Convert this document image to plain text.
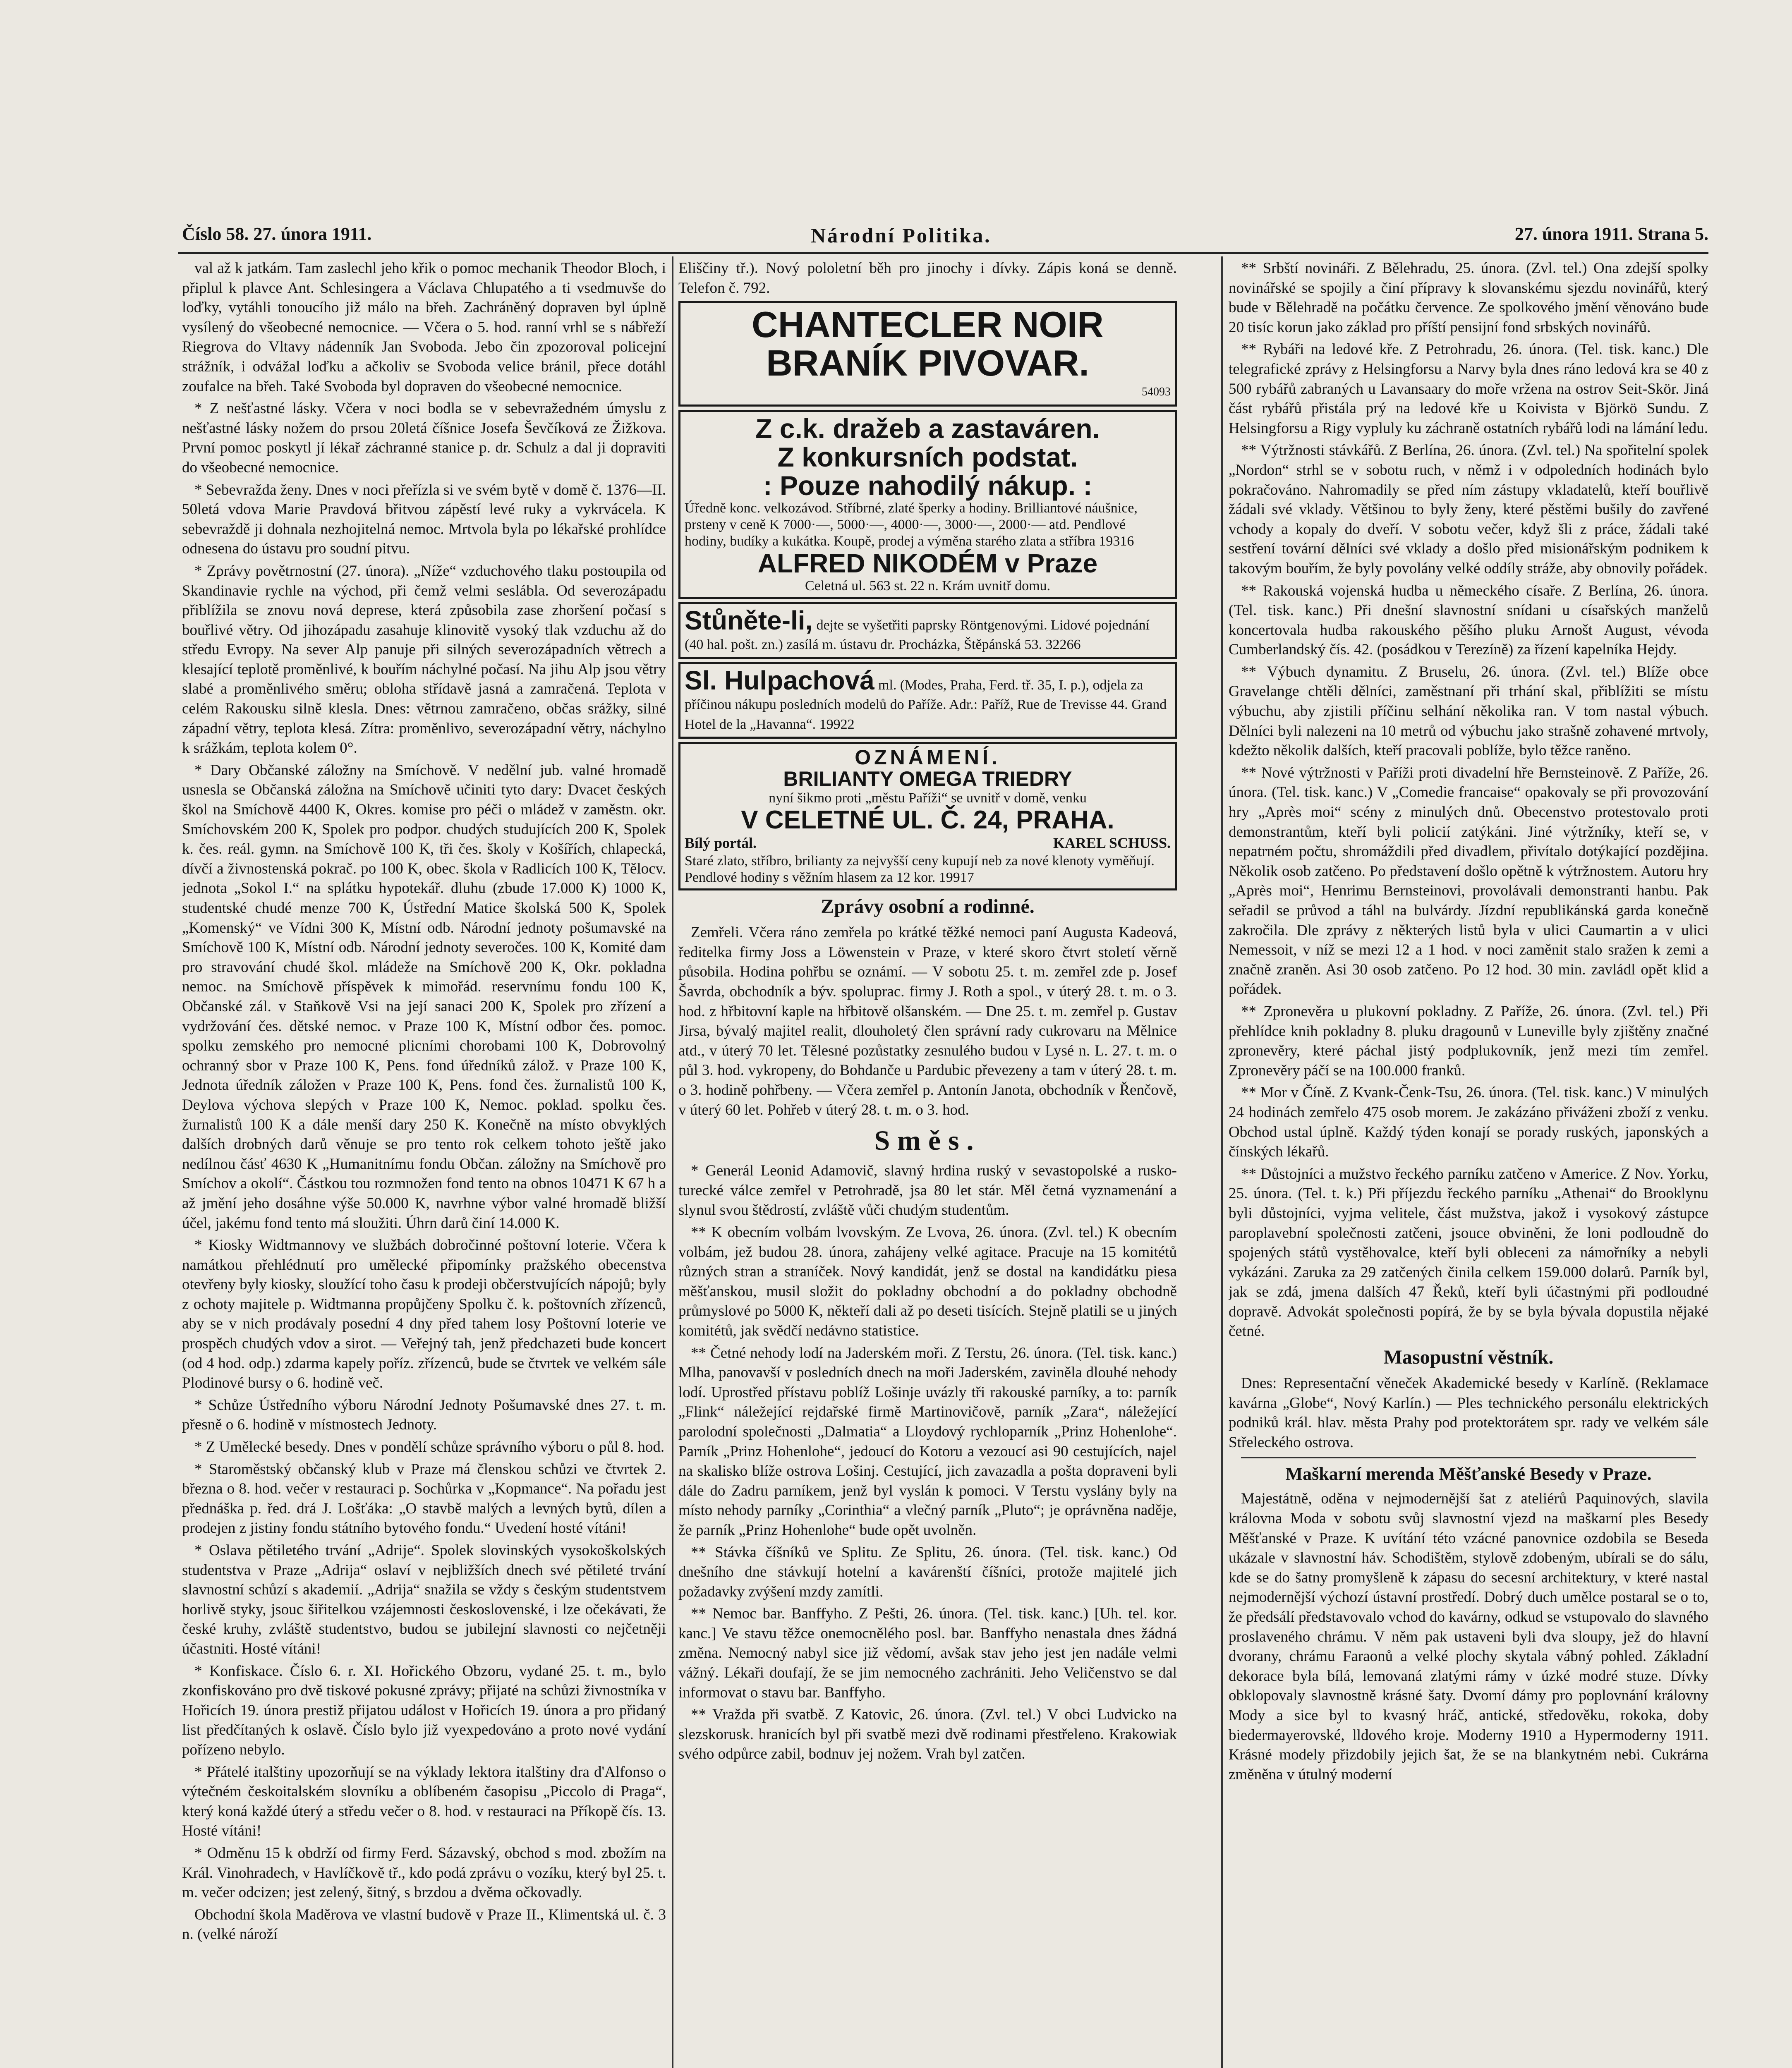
Číslo 58. 27. února 1911.	Národní Politika.	27. února 1911. Strana 5.

val až k jatkám. Tam zaslechl jeho křik o pomoc mechanik Theodor Bloch, i připlul k plavce Ant. Schlesingera a Václava Chlupatého a ti vsedmuvše do loďky, vytáhli tonoucího již málo na břeh. Zachráněný dopraven byl úplně vysílený do všeobecné nemocnice. — Včera o 5. hod. ranní vrhl se s nábřeží Riegrova do Vltavy nádenník Jan Svoboda. Jebo čin zpozoroval policejní strážník, i odvážal loďku a ačkoliv se Svoboda velice bránil, přece dotáhl zoufalce na břeh. Také Svoboda byl dopraven do všeobecné nemocnice.

* Z nešťastné lásky. Včera v noci bodla se v sebevražedném úmyslu z nešťastné lásky nožem do prsou 20letá číšnice Josefa Ševčíková ze Žižkova. První pomoc poskytl jí lékař záchranné stanice p. dr. Schulz a dal ji dopraviti do všeobecné nemocnice.

* Sebevražda ženy. Dnes v noci přeřízla si ve svém bytě v domě č. 1376—II. 50letá vdova Marie Pravdová břitvou zápěstí levé ruky a vykrvácela. K sebevraždě ji dohnala nezhojitelná nemoc. Mrtvola byla po lékařské prohlídce odnesena do ústavu pro soudní pitvu.

* Zprávy povětrnostní (27. února). „Níže“ vzduchového tlaku postoupila od Skandinavie rychle na východ, při čemž velmi seslábla. Od severozápadu přiblížila se znovu nová deprese, která způsobila zase zhoršení počasí s bouřlivé větry. Od jihozápadu zasahuje klinovitě vysoký tlak vzduchu až do středu Evropy. Na sever Alp panuje při silných severozápadních větrech a klesající teplotě proměnlivé, k bouřím náchylné počasí. Na jihu Alp jsou větry slabé a proměnlivého směru; obloha střídavě jasná a zamračená. Teplota v celém Rakousku silně klesla. Dnes: větrnou zamračeno, občas srážky, silné západní větry, teplota klesá. Zítra: proměnlivo, severozápadní větry, náchylno k srážkám, teplota kolem 0°.

* Dary Občanské záložny na Smíchově. V nedělní jub. valné hromadě usnesla se Občanská záložna na Smíchově učiniti tyto dary: Dvacet českých škol na Smíchově 4400 K, Okres. komise pro péči o mládež v zaměstn. okr. Smíchovském 200 K, Spolek pro podpor. chudých studujících 200 K, Spolek k. čes. reál. gymn. na Smíchově 100 K, tři čes. školy v Košířích, chlapecká, dívčí a živnostenská pokrač. po 100 K, obec. škola v Radlicích 100 K, Tělocv. jednota „Sokol I.“ na splátku hypotekář. dluhu (zbude 17.000 K) 1000 K, studentské chudé menze 700 K, Ústřední Matice školská 500 K, Spolek „Komenský“ ve Vídni 300 K, Místní odb. Národní jednoty pošumavské na Smíchově 100 K, Místní odb. Národní jednoty severočes. 100 K, Komité dam pro stravování chudé škol. mládeže na Smíchově 200 K, Okr. pokladna nemoc. na Smíchově příspěvek k mimořád. reservnímu fondu 100 K, Občanské zál. v Staňkově Vsi na její sanaci 200 K, Spolek pro zřízení a vydržování čes. dětské nemoc. v Praze 100 K, Místní odbor čes. pomoc. spolku zemského pro nemocné plicními chorobami 100 K, Dobrovolný ochranný sbor v Praze 100 K, Pens. fond úředníků zálož. v Praze 100 K, Jednota úředník záložen v Praze 100 K, Pens. fond čes. žurnalistů 100 K, Deylova výchova slepých v Praze 100 K, Nemoc. poklad. spolku čes. žurnalistů 100 K a dále menší dary 250 K. Konečně na místo obvyklých dalších drobných darů věnuje se pro tento rok celkem tohoto ještě jako nedílnou čásť 4630 K „Humanitnímu fondu Občan. záložny na Smíchově pro Smíchov a okolí“. Částkou tou rozmnožen fond tento na obnos 10471 K 67 h a až jmění jeho dosáhne výše 50.000 K, navrhne výbor valné hromadě bližší účel, jakému fond tento má sloužiti. Úhrn darů činí 14.000 K.

* Kiosky Widtmannovy ve službách dobročinné poštovní loterie. Včera k namátkou přehlédnutí pro umělecké připomínky pražského obecenstva otevřeny byly kiosky, sloužící toho času k prodeji občerstvujících nápojů; byly z ochoty majitele p. Widtmanna propůjčeny Spolku č. k. poštovních zřízenců, aby se v nich prodávaly posední 4 dny před tahem losy Poštovní loterie ve prospěch chudých vdov a sirot. — Veřejný tah, jenž předchazeti bude koncert (od 4 hod. odp.) zdarma kapely poříz. zřízenců, bude se čtvrtek ve velkém sále Plodinové bursy o 6. hodině več.

* Schůze Ústředního výboru Národní Jednoty Pošumavské dnes 27. t. m. přesně o 6. hodině v místnostech Jednoty.

* Z Umělecké besedy. Dnes v pondělí schůze správního výboru o půl 8. hod.

* Staroměstský občanský klub v Praze má členskou schůzi ve čtvrtek 2. března o 8. hod. večer v restauraci p. Sochůrka v „Kopmance“. Na pořadu jest přednáška p. řed. drá J. Lošťáka: „O stavbě malých a levných bytů, dílen a prodejen z jistiny fondu státního bytového fondu.“ Uvedení hosté vítáni!

* Oslava pětiletého trvání „Adrije“. Spolek slovinských vysokoškolských studentstva v Praze „Adrija“ oslaví v nejbližších dnech své pětileté trvání slavnostní schůzí s akademií. „Adrija“ snažila se vždy s českým studentstvem horlivě styky, jsouc šiřitelkou vzájemnosti československé, i lze očekávati, že české kruhy, zvláště studentstvo, budou se jubilejní slavnosti co nejčetněji účastniti. Hosté vítáni!

* Konfiskace. Číslo 6. r. XI. Hořického Obzoru, vydané 25. t. m., bylo zkonfiskováno pro dvě tiskové pokusné zprávy; přijaté na schůzi živnostníka v Hořicích 19. února prestiž přijatou událost v Hořicích 19. února a pro přidaný list předčítaných k oslavě. Číslo bylo již vyexpedováno a proto nové vydání pořízeno nebylo.

* Přátelé italštiny upozorňují se na výklady lektora italštiny dra d'Alfonso o výtečném českoitalském slovníku a oblíbeném časopisu „Piccolo di Praga“, který koná každé úterý a středu večer o 8. hod. v restauraci na Příkopě čís. 13. Hosté vítáni!

* Odměnu 15 k obdrží od firmy Ferd. Sázavský, obchod s mod. zbožím na Král. Vinohradech, v Havlíčkově tř., kdo podá zprávu o vozíku, který byl 25. t. m. večer odcizen; jest zelený, šitný, s brzdou a dvěma očkovadly.

Obchodní škola Maděrova ve vlastní budově v Praze II., Klimentská ul. č. 3 n. (velké nároží

Eliščiny tř.). Nový pololetní běh pro jinochy i dívky. Zápis koná se denně. Telefon č. 792.

CHANTECLER NOIR
BRANÍK PIVOVAR.
54093
Z c.k. dražeb a zastaváren.
Z konkursních podstat.
: Pouze nahodilý nákup. :
Úředně konc. velkozávod. Stříbrné, zlaté šperky a hodiny. Brilliantové náušnice, prsteny v ceně K 7000·—, 5000·—, 4000·—, 3000·—, 2000·— atd. Pendlové hodiny, budíky a kukátka. Koupě, prodej a výměna starého zlata a stříbra 19316
ALFRED NIKODÉM v Praze
Celetná ul. 563 st. 22 n. Krám uvnitř domu.
Stůněte-li, dejte se vyšetřiti paprsky Röntgenovými. Lidové pojednání (40 hal. pošt. zn.) zasílá m. ústavu dr. Procházka, Štěpánská 53. 32266
Sl. Hulpachová ml. (Modes, Praha, Ferd. tř. 35, I. p.), odjela za příčinou nákupu posledních modelů do Paříže. Adr.: Paříž, Rue de Trevisse 44. Grand Hotel de la „Havanna“. 19922
OZNÁMENÍ.
BRILIANTY OMEGA TRIEDRY
nyní šikmo proti „městu Paříži“ se uvnitř v domě, venku
V CELETNÉ UL. Č. 24, PRAHA.
Bílý portál.	KAREL SCHUSS.
Staré zlato, stříbro, brilianty za nejvyšší ceny kupují neb za nové klenoty vyměňují. Pendlové hodiny s věžním hlasem za 12 kor. 19917
Zprávy osobní a rodinné.

Zemřeli. Včera ráno zemřela po krátké těžké nemoci paní Augusta Kadeová, ředitelka firmy Joss a Löwenstein v Praze, v které skoro čtvrt století věrně působila. Hodina pohřbu se oznámí. — V sobotu 25. t. m. zemřel zde p. Josef Šavrda, obchodník a býv. spoluprac. firmy J. Roth a spol., v úterý 28. t. m. o 3. hod. z hřbitovní kaple na hřbitově olšanském. — Dne 25. t. m. zemřel p. Gustav Jirsa, bývalý majitel realit, dlouholetý člen správní rady cukrovaru na Mělnice atd., v úterý 70 let. Tělesné pozůstatky zesnulého budou v Lysé n. L. 27. t. m. o půl 3. hod. vykropeny, do Bohdanče u Pardubic převezeny a tam v úterý 28. t. m. o 3. hodině pohřbeny. — Včera zemřel p. Antonín Janota, obchodník v Řenčově, v úterý 60 let. Pohřeb v úterý 28. t. m. o 3. hod.

Směs.

* Generál Leonid Adamovič, slavný hrdina ruský v sevastopolské a rusko-turecké válce zemřel v Petrohradě, jsa 80 let stár. Měl četná vyznamenání a slynul svou štědrostí, zvláště vůči chudým studentům.

** K obecním volbám lvovským. Ze Lvova, 26. února. (Zvl. tel.) K obecním volbám, jež budou 28. února, zahájeny velké agitace. Pracuje na 15 komitétů různých stran a straníček. Nový kandidát, jenž se dostal na kandidátku piesa měšťanskou, musil složit do pokladny obchodní a do pokladny obchodně průmyslové po 5000 K, někteří dali až po deseti tisících. Stejně platili se u jiných komitétů, jak svědčí nedávno statistice.

** Četné nehody lodí na Jaderském moři. Z Terstu, 26. února. (Tel. tisk. kanc.) Mlha, panovavší v posledních dnech na moři Jaderském, zaviněla dlouhé nehody lodí. Uprostřed přístavu poblíž Lošinje uvázly tři rakouské parníky, a to: parník „Flink“ náležející rejdařské firmě Martinovičově, parník „Zara“, náležející parolodní společnosti „Dalmatia“ a Lloydový rychloparník „Prinz Hohenlohe“. Parník „Prinz Hohenlohe“, jedoucí do Kotoru a vezoucí asi 90 cestujících, najel na skalisko blíže ostrova Lošinj. Cestující, jich zavazadla a pošta dopraveni byli dále do Zadru parníkem, jenž byl vyslán k pomoci. V Terstu vyslány byly na místo nehody parníky „Corinthia“ a vlečný parník „Pluto“; je oprávněna naděje, že parník „Prinz Hohenlohe“ bude opět uvolněn.

** Stávka číšníků ve Splitu. Ze Splitu, 26. února. (Tel. tisk. kanc.) Od dnešního dne stávkují hotelní a kavárenští číšníci, protože majitelé jich požadavky zvýšení mzdy zamítli.

** Nemoc bar. Banffyho. Z Pešti, 26. února. (Tel. tisk. kanc.) [Uh. tel. kor. kanc.] Ve stavu těžce onemocnělého posl. bar. Banffyho nenastala dnes žádná změna. Nemocný nabyl sice již vědomí, avšak stav jeho jest jen nadále velmi vážný. Lékaři doufají, že se jim nemocného zachrániti. Jeho Veličenstvo se dal informovat o stavu bar. Banffyho.

** Vražda při svatbě. Z Katovic, 26. února. (Zvl. tel.) V obci Ludvicko na slezskorusk. hranicích byl při svatbě mezi dvě rodinami přestřeleno. Krakowiak svého odpůrce zabil, bodnuv jej nožem. Vrah byl zatčen.

** Srbští novináři. Z Bělehradu, 25. února. (Zvl. tel.) Ona zdejší spolky novinářské se spojily a činí přípravy k slovanskému sjezdu novinářů, který bude v Bělehradě na počátku července. Ze spolkového jmění věnováno bude 20 tisíc korun jako základ pro příští pensijní fond srbských novinářů.

** Rybáři na ledové kře. Z Petrohradu, 26. února. (Tel. tisk. kanc.) Dle telegrafické zprávy z Helsingforsu a Narvy byla dnes ráno ledová kra se 40 z 500 rybářů zabraných u Lavansaary do moře vržena na ostrov Seit-Skör. Jiná část rybářů přistála prý na ledové kře u Koivista v Björkö Sundu. Z Helsingforsu a Rigy vypluly ku záchraně ostatních rybářů lodi na lámání ledu.

** Výtržnosti stávkářů. Z Berlína, 26. února. (Zvl. tel.) Na spořitelní spolek „Nordon“ strhl se v sobotu ruch, v němž i v odpoledních hodinách bylo pokračováno. Nahromadily se před ním zástupy vkladatelů, kteří bouřlivě žádali své vklady. Většinou to byly ženy, které pěstěmi bušily do zavřené vchody a kopaly do dveří. V sobotu večer, když šli z práce, žádali také sestření tovární dělníci své vklady a došlo před misionářským podnikem k takovým bouřím, že byly povolány velké oddíly stráže, aby obnovily pořádek.

** Rakouská vojenská hudba u německého císaře. Z Berlína, 26. února. (Tel. tisk. kanc.) Při dnešní slavnostní snídani u císařských manželů koncertovala hudba rakouského pěšího pluku Arnošt August, vévoda Cumberlandský čís. 42. (posádkou v Terezíně) za řízení kapelníka Hejdy.

** Výbuch dynamitu. Z Bruselu, 26. února. (Zvl. tel.) Blíže obce Gravelange chtěli dělníci, zaměstnaní při trhání skal, přiblížiti se místu výbuchu, aby zjistili příčinu selhání několika ran. V tom nastal výbuch. Dělníci byli nalezeni na 10 metrů od výbuchu jako strašně zohavené mrtvoly, kdežto několik dalších, kteří pracovali poblíže, bylo těžce raněno.

** Nové výtržnosti v Paříži proti divadelní hře Bernsteinově. Z Paříže, 26. února. (Tel. tisk. kanc.) V „Comedie francaise“ opakovaly se při provozování hry „Après moi“ scény z minulých dnů. Obecenstvo protestovalo proti demonstrantům, kteří byli policií zatýkáni. Jiné výtržníky, kteří se, v nepatrném počtu, shromáždili před divadlem, přivítalo dotýkající pozdějina. Několik osob zatčeno. Po představení došlo opětně k výtržnostem. Autoru hry „Après moi“, Henrimu Bernsteinovi, provolávali demonstranti hanbu. Pak seřadil se průvod a táhl na bulvárdy. Jízdní republikánská garda konečně zakročila. Dle zprávy z některých listů byla v ulici Caumartin a v ulici Nemessoit, v níž se mezi 12 a 1 hod. v noci zaměnit stalo sražen k zemi a značně zraněn. Asi 30 osob zatčeno. Po 12 hod. 30 min. zavládl opět klid a pořádek.

** Zpronevěra u plukovní pokladny. Z Paříže, 26. února. (Zvl. tel.) Při přehlídce knih pokladny 8. pluku dragounů v Luneville byly zjištěny značné zpronevěry, které páchal jistý podplukovník, jenž mezi tím zemřel. Zpronevěry páčí se na 100.000 franků.

** Mor v Číně. Z Kvank-Čenk-Tsu, 26. února. (Tel. tisk. kanc.) V minulých 24 hodinách zemřelo 475 osob morem. Je zakázáno přiváženi zboží z venku. Obchod ustal úplně. Každý týden konají se porady ruských, japonských a čínských lékařů.

** Důstojníci a mužstvo řeckého parníku zatčeno v Americe. Z Nov. Yorku, 25. února. (Tel. t. k.) Při příjezdu řeckého parníku „Athenai“ do Brooklynu byli důstojníci, vyjma velitele, část mužstva, jakož i vysokový zástupce paroplavební společnosti zatčeni, jsouce obviněni, že loni podloudně do spojených států vystěhovalce, kteří byli obleceni za námořníky a nebyli vykázáni. Zaruka za 29 zatčených činila celkem 159.000 dolarů. Parník byl, jak se zdá, jmena dalších 47 Řeků, kteří byli účastnými při podloudné dopravě. Advokát společnosti popírá, že by se byla bývala dopustila nějaké četné.

Masopustní věstník.

Dnes: Representační věneček Akademické besedy v Karlíně. (Reklamace kavárna „Globe“, Nový Karlín.) — Ples technického personálu elektrických podniků král. hlav. města Prahy pod protektorátem spr. rady ve velkém sále Střeleckého ostrova.

Maškarní merenda Měšťanské Besedy v Praze.

Majestátně, oděna v nejmodernější šat z ateliérů Paquinových, slavila královna Moda v sobotu svůj slavnostní vjezd na maškarní ples Besedy Měšťanské v Praze. K uvítání této vzácné panovnice ozdobila se Beseda ukázale v slavnostní háv. Schodištěm, stylově zdobeným, ubírali se do sálu, kde se do šatny promyšleně k zápasu do secesní architektury, v které nastal nejmodernější výchozí ústavní prostředí. Dobrý duch umělce postaral se o to, že předsálí představovalo vchod do kavárny, odkud se vstupovalo do slavného proslaveného chrámu. V něm pak ustaveni byli dva sloupy, jež do hlavní dvorany, chrámu Faraonů a velké plochy skytala vábný pohled. Základní dekorace byla bílá, lemovaná zlatými rámy v úzké modré stuze. Dívky obklopovaly slavnostně krásné šaty. Dvorní dámy pro poplovnání královny Mody a sice byl to kvasný hráč, antické, středověku, rokoka, doby biedermayerovské, lldového kroje. Moderny 1910 a Hypermoderny 1911. Krásné modely přizdobily jejich šat, že se na blankytném nebi. Cukrárna změněna v útulný moderní
